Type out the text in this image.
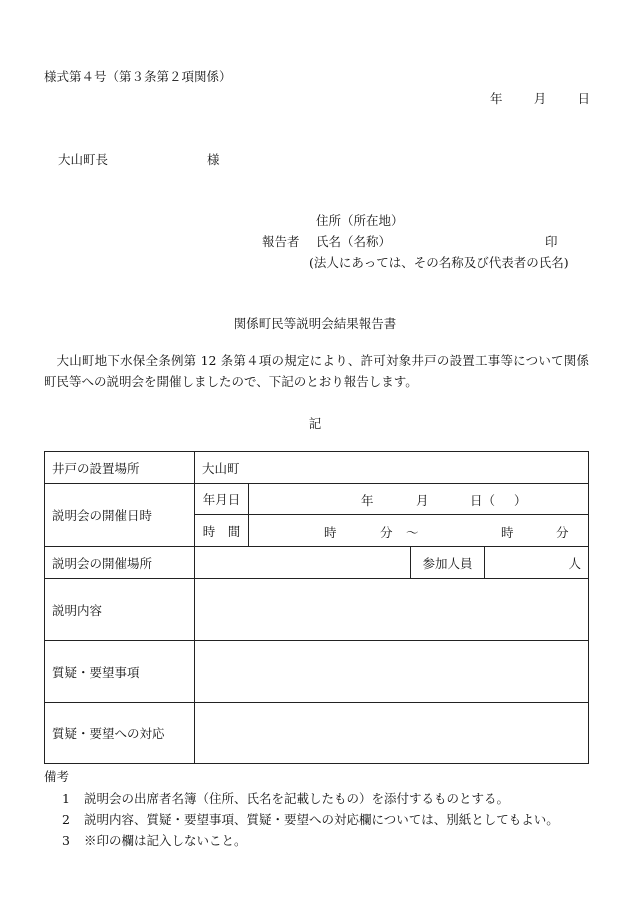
様式第４号（第３条第２項関係）
年 月 日
大山町長	様
住所（所在地）
報告者 氏名（名称）	印
(法人にあっては、その名称及び代表者の氏名)
関係町民等説明会結果報告書
大山町地下水保全条例第 12 条第４項の規定により、許可対象井戸の設置工事等について関係町民等への説明会を開催しましたので、下記のとおり報告します。
記
井戸の設置場所	大山町				
説明会の開催日時	年月日	年 月 日（ ）			

	時　間	時 分 ～ 時 分			

説明会の開催場所			参加人員	人	
説明内容					
質疑・要望事項					
質疑・要望への対応					
備考
1 説明会の出席者名簿（住所、氏名を記載したもの）を添付するものとする。
2 説明内容、質疑・要望事項、質疑・要望への対応欄については、別紙としてもよい。
3 ※印の欄は記入しないこと。
